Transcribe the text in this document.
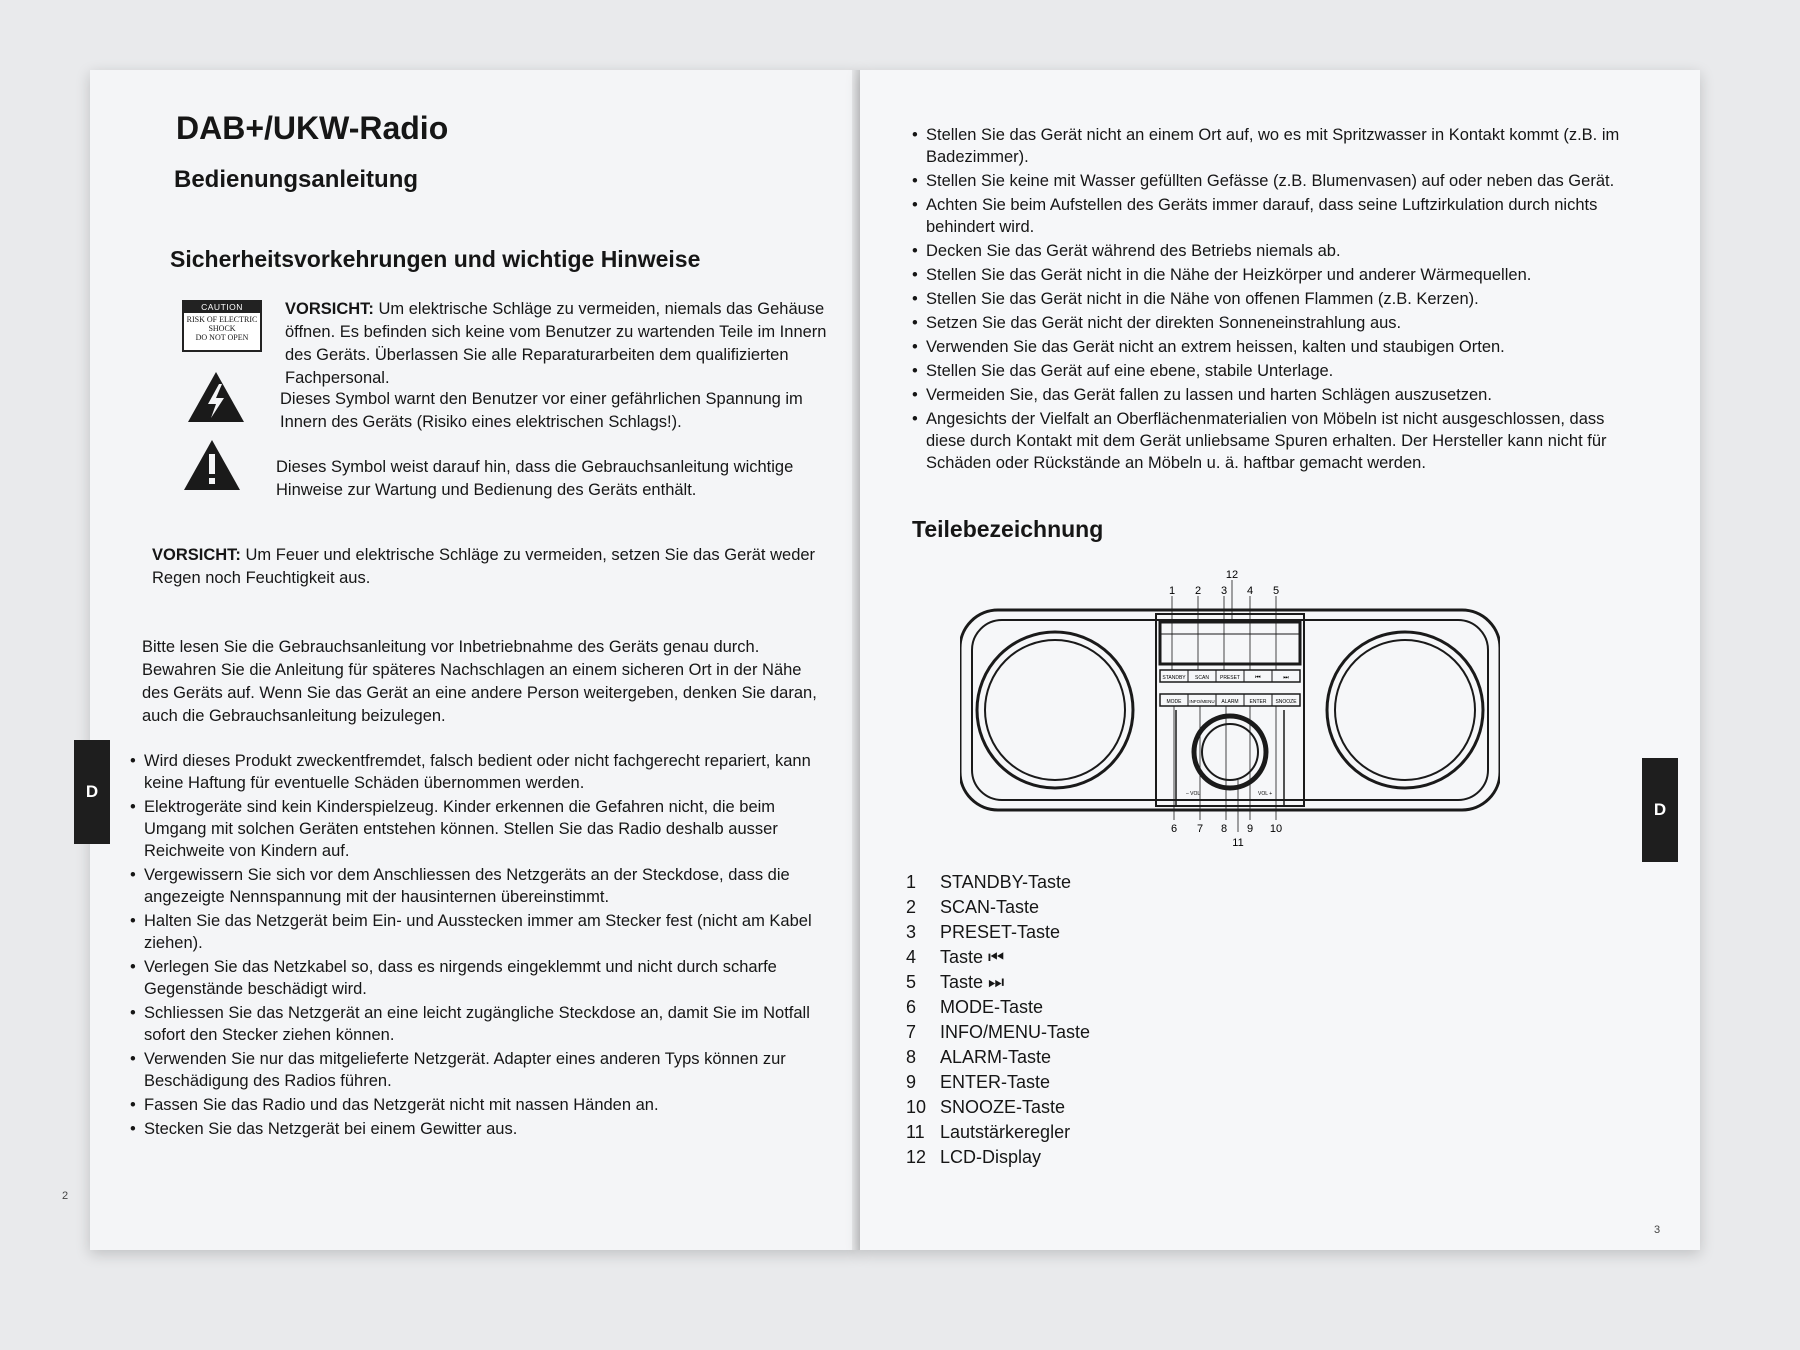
DAB+/UKW-Radio
Bedienungsanleitung
Sicherheitsvorkehrungen und wichtige Hinweise
CAUTION
RISK OF ELECTRIC
SHOCK
DO NOT OPEN
VORSICHT: Um elektrische Schläge zu vermeiden, niemals das Gehäuse öffnen. Es befinden sich keine vom Benutzer zu wartenden Teile im Innern des Geräts. Überlassen Sie alle Reparaturarbeiten dem qualifizierten Fachpersonal.
Dieses Symbol warnt den Benutzer vor einer gefährlichen Spannung im Innern des Geräts (Risiko eines elektrischen Schlags!).
Dieses Symbol weist darauf hin, dass die Gebrauchsanleitung wichtige Hinweise zur Wartung und Bedienung des Geräts enthält.
VORSICHT: Um Feuer und elektrische Schläge zu vermeiden, setzen Sie das Gerät weder Regen noch Feuchtigkeit aus.
Bitte lesen Sie die Gebrauchsanleitung vor Inbetriebnahme des Geräts genau durch. Bewahren Sie die Anleitung für späteres Nachschlagen an einem sicheren Ort in der Nähe des Geräts auf. Wenn Sie das Gerät an eine andere Person weitergeben, denken Sie daran, auch die Gebrauchsanleitung beizulegen.
• Wird dieses Produkt zweckentfremdet, falsch bedient oder nicht fachgerecht repariert, kann keine Haftung für eventuelle Schäden übernommen werden.
• Elektrogeräte sind kein Kinderspielzeug. Kinder erkennen die Gefahren nicht, die beim Umgang mit solchen Geräten entstehen können. Stellen Sie das Radio deshalb ausser Reichweite von Kindern auf.
• Vergewissern Sie sich vor dem Anschliessen des Netzgeräts an der Steckdose, dass die angezeigte Nennspannung mit der hausinternen übereinstimmt.
• Halten Sie das Netzgerät beim Ein- und Ausstecken immer am Stecker fest (nicht am Kabel ziehen).
• Verlegen Sie das Netzkabel so, dass es nirgends eingeklemmt und nicht durch scharfe Gegenstände beschädigt wird.
• Schliessen Sie das Netzgerät an eine leicht zugängliche Steckdose an, damit Sie im Notfall sofort den Stecker ziehen können.
• Verwenden Sie nur das mitgelieferte Netzgerät. Adapter eines anderen Typs können zur Beschädigung des Radios führen.
• Fassen Sie das Radio und das Netzgerät nicht mit nassen Händen an.
• Stecken Sie das Netzgerät bei einem Gewitter aus.
D
2
• Stellen Sie das Gerät nicht an einem Ort auf, wo es mit Spritzwasser in Kontakt kommt (z.B. im Badezimmer).
• Stellen Sie keine mit Wasser gefüllten Gefässe (z.B. Blumenvasen) auf oder neben das Gerät.
• Achten Sie beim Aufstellen des Geräts immer darauf, dass seine Luftzirkulation durch nichts behindert wird.
• Decken Sie das Gerät während des Betriebs niemals ab.
• Stellen Sie das Gerät nicht in die Nähe der Heizkörper und anderer Wärmequellen.
• Stellen Sie das Gerät nicht in die Nähe von offenen Flammen (z.B. Kerzen).
• Setzen Sie das Gerät nicht der direkten Sonneneinstrahlung aus.
• Verwenden Sie das Gerät nicht an extrem heissen, kalten und staubigen Orten.
• Stellen Sie das Gerät auf eine ebene, stabile Unterlage.
• Vermeiden Sie, das Gerät fallen zu lassen und harten Schlägen auszusetzen.
• Angesichts der Vielfalt an Oberflächenmaterialien von Möbeln ist nicht ausgeschlossen, dass diese durch Kontakt mit dem Gerät unliebsame Spuren erhalten. Der Hersteller kann nicht für Schäden oder Rückstände an Möbeln u. ä. haftbar gemacht werden.
Teilebezeichnung
STANDBY SCAN PRESET	⏮	⏭
MODE INFO/MENU ALARM ENTER SNOOZE
– VOL	VOL +
12
1 2 3 4 5
6 7 8 9 10
11
1	STANDBY-Taste
2	SCAN-Taste
3	PRESET-Taste
4	Taste ⏮
5	Taste ⏭
6	MODE-Taste
7	INFO/MENU-Taste
8	ALARM-Taste
9	ENTER-Taste
10 SNOOZE-Taste
11 Lautstärkeregler
12 LCD-Display
D
3
